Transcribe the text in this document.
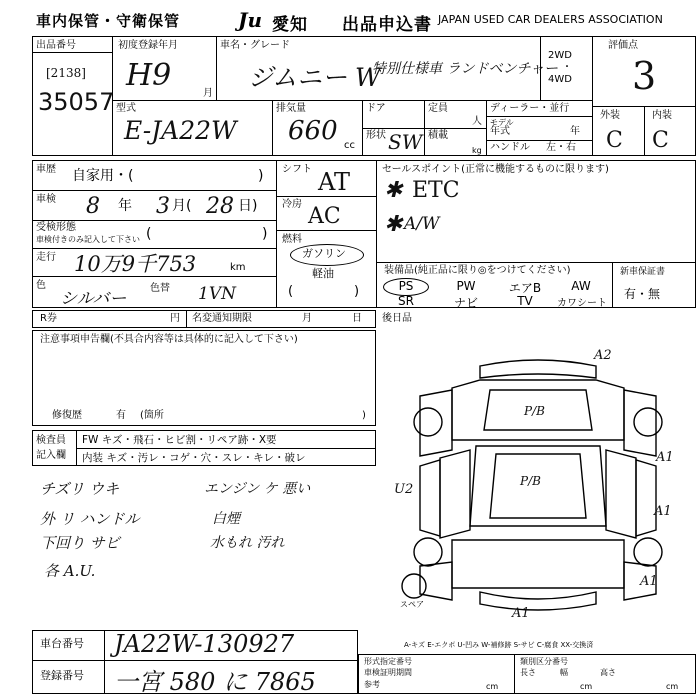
車内保管・守衛保管	Ju 愛知 出品申込書 JAPAN USED CAR DEALERS ASSOCIATION
出品番号
[2138]
35057
初度登録年月
H9
月
車名・グレード
ジムニー W
特別仕様車 ランドベンチャー
2WD
・
4WD
評価点
3
外装	内装
C C
型式
E-JA22W
排気量
660 cc
ドア
形状 SW
定員
人
積載
kg
ディーラー・並行
モデル
年式	年
ハンドル 左・右
車歴 自家用・(	)
車検 8 年 3 月( 28 日)
受検形態
車検付きのみ記入して下さい (	)
走行 10万9千753	km
色
シルバー
色替 1VN
シフト AT
冷房 AC
燃料
ガソリン
軽油
(	)
セールスポイント(正常に機能するものに限ります)
✱ ETC
✱ A/W
装備品(純正品に限り◎をつけてください)
PS	PW	エアB	AW
SR	ナビ	TV	カワシート
新車保証書
有・無
R券	円 名変通知期限	月	日 後日品
注意事項申告欄(不具合内容等は具体的に記入して下さい)
修復歴	有 (箇所	)
検査員
記入欄
FW キズ・飛石・ヒビ割・リペア跡・X要
内装 キズ・汚レ・コゲ・穴・スレ・キレ・破レ
チズリ ウキ
外 リ ハンドル
下回り サビ
各 A.U.
エンジン ケ 悪い
白煙
水もれ 汚れ
A2
P/B
A1
P/B
U2
A1
A1
A1
スペア
A-キズ E-エクボ U-凹み W-補修跡 S-サビ C-腐食 XX-交換済
車台番号 JA22W-130927
登録番号 一宮 580 に 7865
形式指定番号
車検証明期間
参考
類別区分番号
長さ	幅	高さ
cm	cm	cm
